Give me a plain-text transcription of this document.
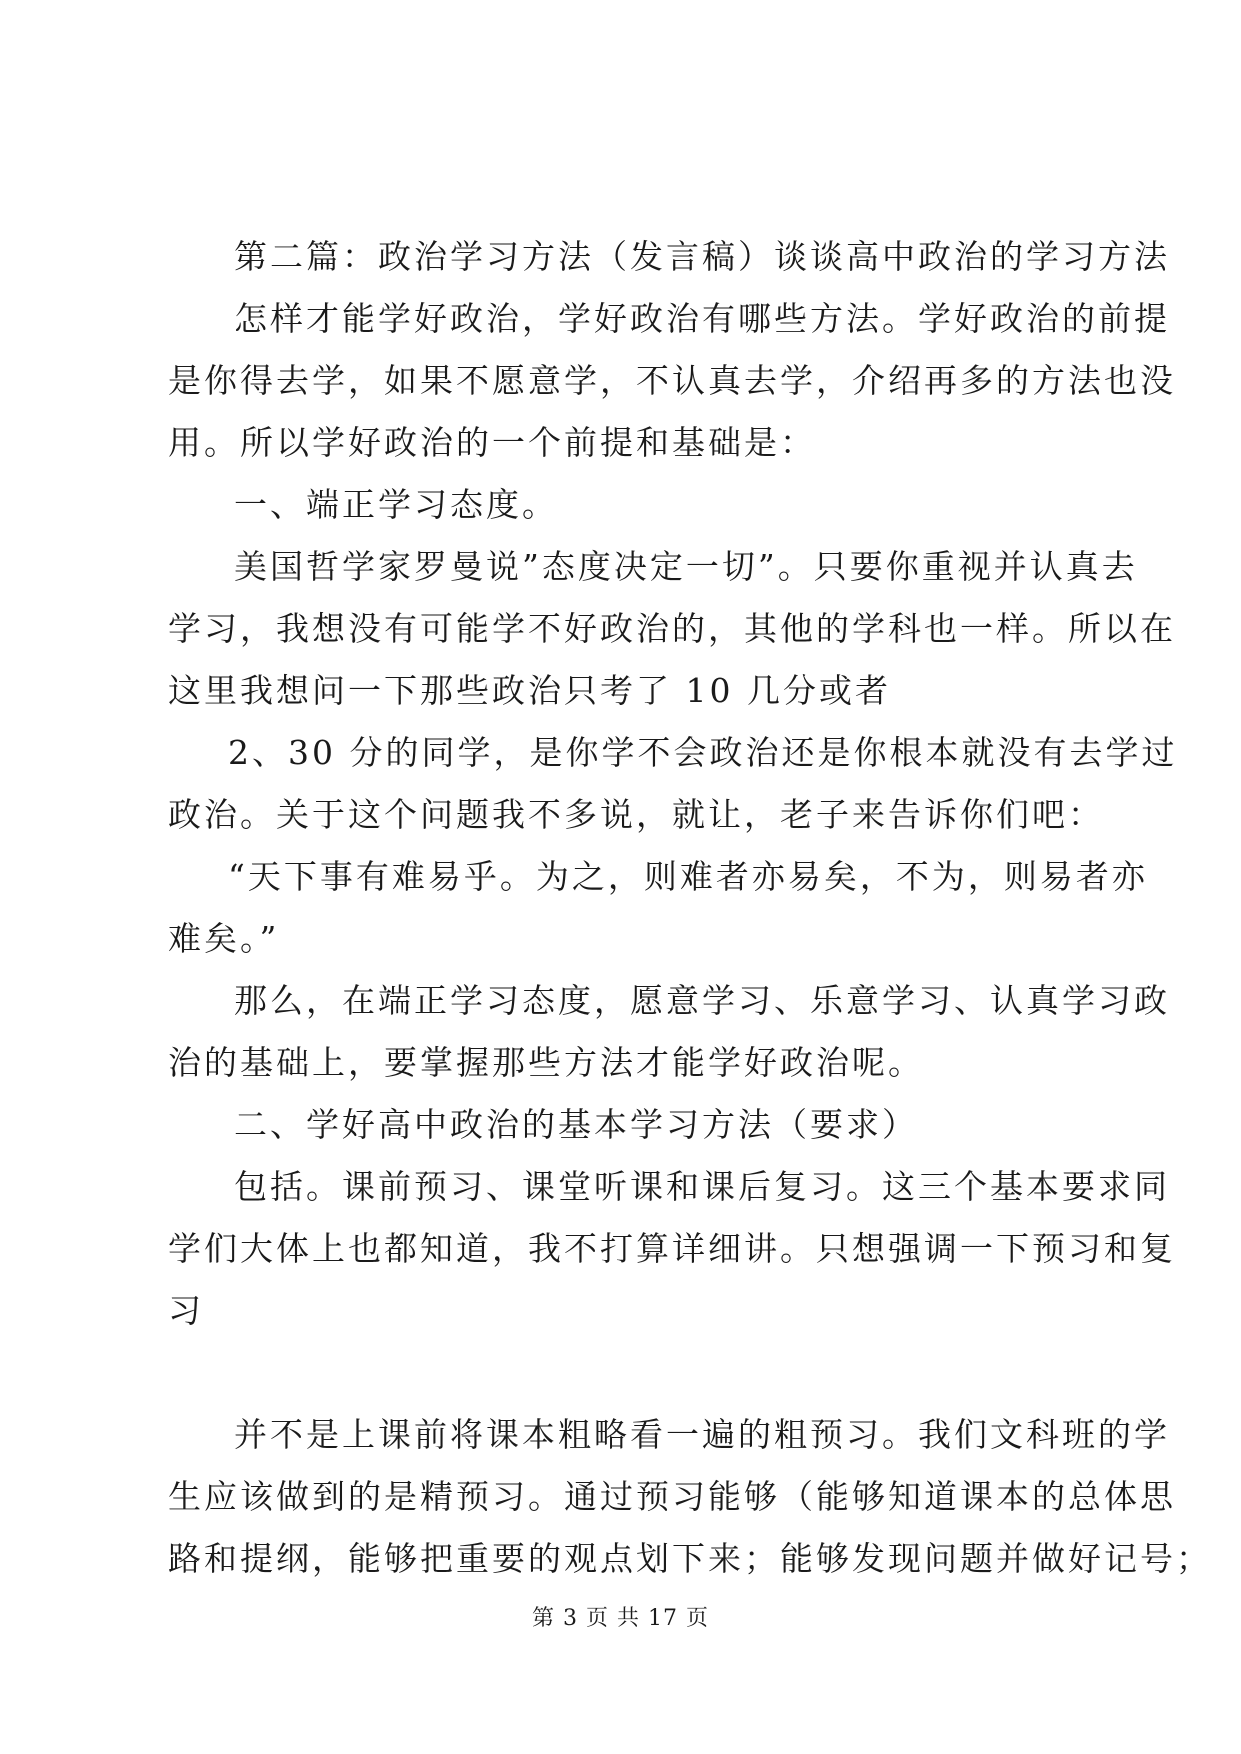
第二篇：政治学习方法（发言稿）谈谈高中政治的学习方法
怎样才能学好政治，学好政治有哪些方法。学好政治的前提
是你得去学，如果不愿意学，不认真去学，介绍再多的方法也没
用。所以学好政治的一个前提和基础是：
一、端正学习态度。
美国哲学家罗曼说”态度决定一切”。只要你重视并认真去
学习，我想没有可能学不好政治的，其他的学科也一样。所以在
这里我想问一下那些政治只考了 10 几分或者
2、30 分的同学，是你学不会政治还是你根本就没有去学过
政治。关于这个问题我不多说，就让，老子来告诉你们吧：
“天下事有难易乎。为之，则难者亦易矣，不为，则易者亦
难矣。”
那么，在端正学习态度，愿意学习、乐意学习、认真学习政
治的基础上，要掌握那些方法才能学好政治呢。
二、学好高中政治的基本学习方法（要求）
包括。课前预习、课堂听课和课后复习。这三个基本要求同
学们大体上也都知道，我不打算详细讲。只想强调一下预习和复
习
并不是上课前将课本粗略看一遍的粗预习。我们文科班的学
生应该做到的是精预习。通过预习能够（能够知道课本的总体思
路和提纲，能够把重要的观点划下来；能够发现问题并做好记号；
第 3 页 共 17 页
